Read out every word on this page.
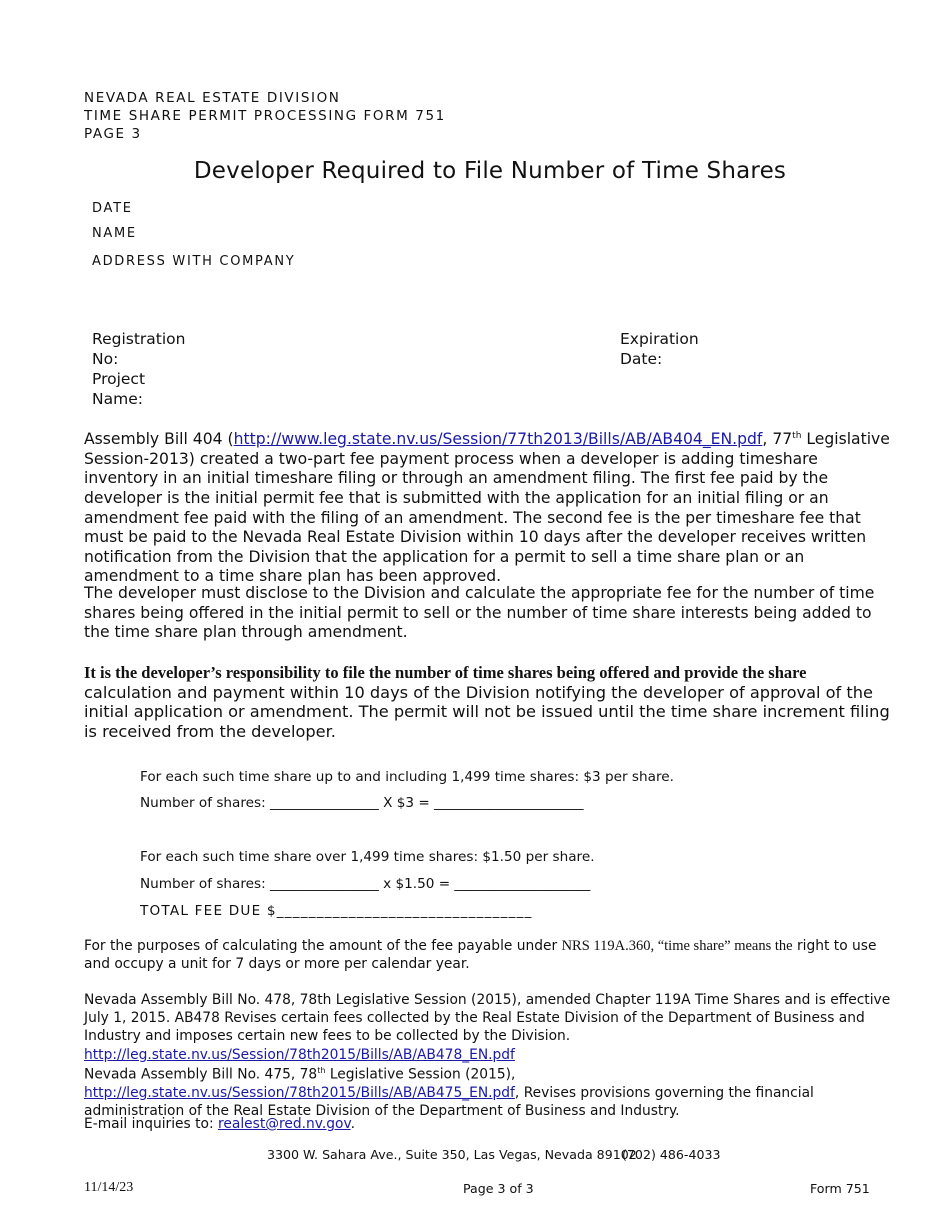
NEVADA REAL ESTATE DIVISION
TIME SHARE PERMIT PROCESSING FORM 751
PAGE 3
________________________________________________________________________________________________________________
Developer Required to File Number of Time Shares
DATE
NAME
ADDRESS WITH COMPANY
Registration
No:
Project
Name:
Expiration
Date:
Assembly Bill 404 (http://www.leg.state.nv.us/Session/77th2013/Bills/AB/AB404_EN.pdf, 77th Legislative Session-2013) created a two-part fee payment process when a developer is adding timeshare inventory in an initial timeshare filing or through an amendment filing. The first fee paid by the developer is the initial permit fee that is submitted with the application for an initial filing or an amendment fee paid with the filing of an amendment. The second fee is the per timeshare fee that must be paid to the Nevada Real Estate Division within 10 days after the developer receives written notification from the Division that the application for a permit to sell a time share plan or an amendment to a time share plan has been approved.
The developer must disclose to the Division and calculate the appropriate fee for the number of time shares being offered in the initial permit to sell or the number of time share interests being added to the time share plan through amendment.
It is the developer’s responsibility to file the number of time shares being offered and provide the share calculation and payment within 10 days of the Division notifying the developer of approval of the initial application or amendment. The permit will not be issued until the time share increment filing is received from the developer.
For each such time share up to and including 1,499 time shares: $3 per share.
Number of shares: ________________ X $3 = ______________________
For each such time share over 1,499 time shares: $1.50 per share.
Number of shares: ________________ x $1.50 = ____________________
TOTAL FEE DUE $________________________________
For the purposes of calculating the amount of the fee payable under NRS 119A.360, “time share” means the right to use and occupy a unit for 7 days or more per calendar year.
Nevada Assembly Bill No. 478, 78th Legislative Session (2015), amended Chapter 119A Time Shares and is effective July 1, 2015. AB478 Revises certain fees collected by the Real Estate Division of the Department of Business and Industry and imposes certain new fees to be collected by the Division. http://leg.state.nv.us/Session/78th2015/Bills/AB/AB478_EN.pdf
Nevada Assembly Bill No. 475, 78th Legislative Session (2015), http://leg.state.nv.us/Session/78th2015/Bills/AB/AB475_EN.pdf, Revises provisions governing the financial administration of the Real Estate Division of the Department of Business and Industry.
E-mail inquiries to: realest@red.nv.gov.
3300 W. Sahara Ave., Suite 350, Las Vegas, Nevada 89102
(702) 486-4033
11/14/23	Page 3 of 3	Form 751
